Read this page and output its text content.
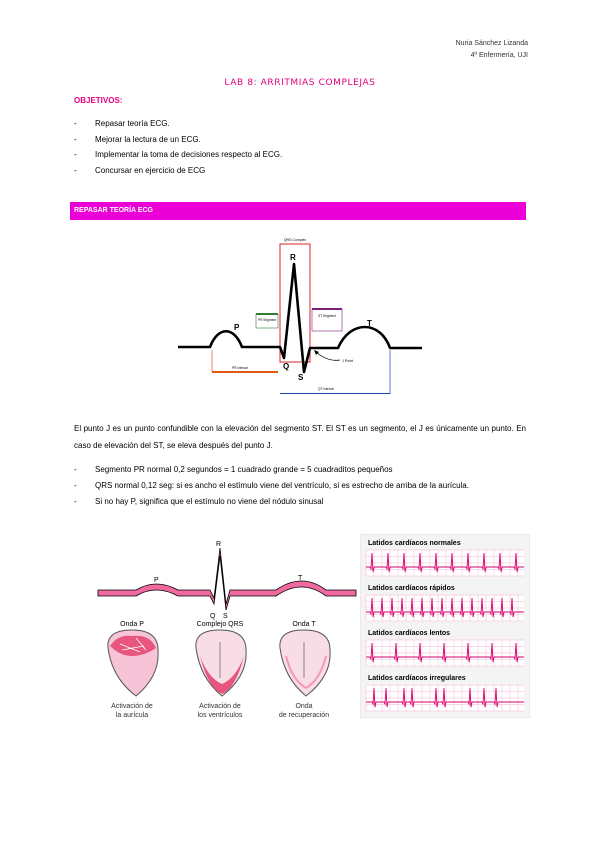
Nuria Sánchez Lizanda
4º Enfermería, UJI
LAB 8: ARRITMIAS COMPLEJAS
OBJETIVOS:
- Repasar teoría ECG.
- Mejorar la lectura de un ECG.
- Implementar la toma de decisiones respecto al ECG.
- Concursar en ejercicio de ECG
REPASAR TEORÍA ECG
QRS Complex
PR Segment
ST Segment
P
R
Q
S
T
J Point
PR Interval
QT Interval
El punto J es un punto confundible con la elevación del segmento ST. El ST es un segmento, el J es únicamente un punto. En caso de elevación del ST, se eleva después del punto J.
- Segmento PR normal 0,2 segundos = 1 cuadrado grande = 5 cuadraditos pequeños
- QRS normal 0,12 seg: si es ancho el estímulo viene del ventrículo, si es estrecho de arriba de la aurícula.
- Si no hay P, significa que el estímulo no viene del nódulo sinusal
P
R
T
Q S
Onda P	Complejo QRS	Onda T
Activación de
la aurícula
Activación de
los ventrículos
Onda
de recuperación
Latidos cardíacos normales
Latidos cardíacos rápidos
Latidos cardíacos lentos
Latidos cardíacos irregulares
